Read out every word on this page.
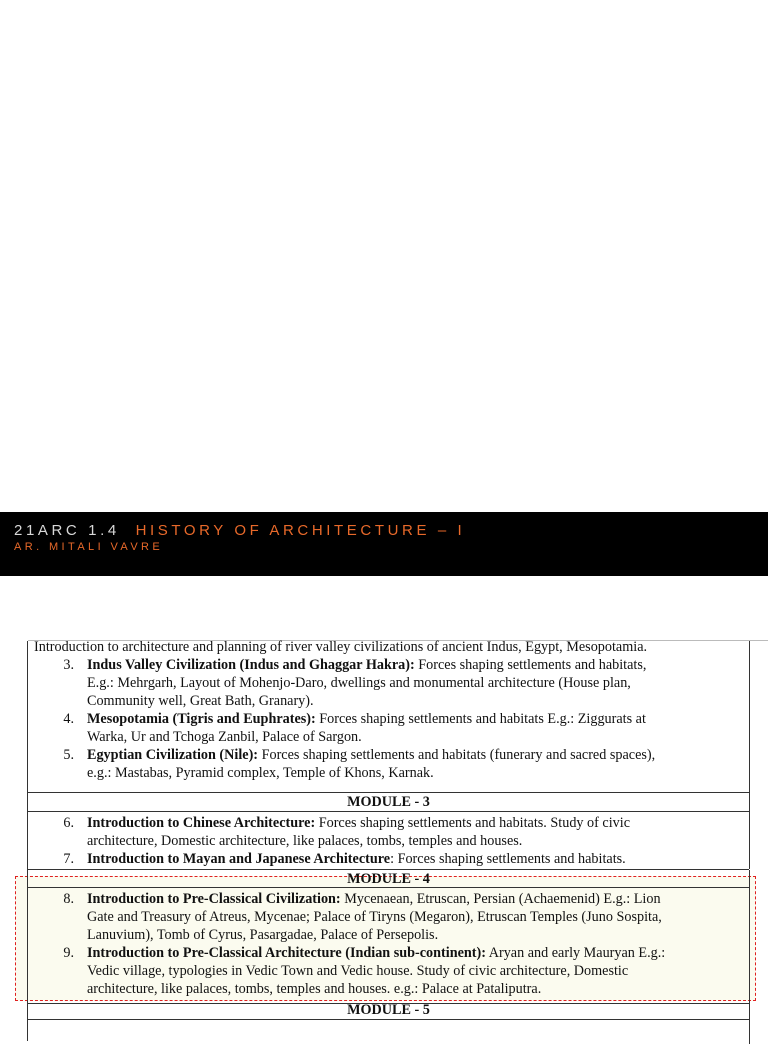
21ARC 1.4 HISTORY OF ARCHITECTURE – I
AR. MITALI VAVRE
Introduction to architecture and planning of river valley civilizations of ancient Indus, Egypt, Mesopotamia.
3. Indus Valley Civilization (Indus and Ghaggar Hakra): Forces shaping settlements and habitats,
E.g.: Mehrgarh, Layout of Mohenjo-Daro, dwellings and monumental architecture (House plan,
Community well, Great Bath, Granary).
4. Mesopotamia (Tigris and Euphrates): Forces shaping settlements and habitats E.g.: Ziggurats at
Warka, Ur and Tchoga Zanbil, Palace of Sargon.
5. Egyptian Civilization (Nile): Forces shaping settlements and habitats (funerary and sacred spaces),
e.g.: Mastabas, Pyramid complex, Temple of Khons, Karnak.
MODULE - 3
6. Introduction to Chinese Architecture: Forces shaping settlements and habitats. Study of civic
architecture, Domestic architecture, like palaces, tombs, temples and houses.
7. Introduction to Mayan and Japanese Architecture: Forces shaping settlements and habitats.
MODULE - 4
8. Introduction to Pre-Classical Civilization: Mycenaean, Etruscan, Persian (Achaemenid) E.g.: Lion
Gate and Treasury of Atreus, Mycenae; Palace of Tiryns (Megaron), Etruscan Temples (Juno Sospita,
Lanuvium), Tomb of Cyrus, Pasargadae, Palace of Persepolis.
9. Introduction to Pre-Classical Architecture (Indian sub-continent): Aryan and early Mauryan E.g.:
Vedic village, typologies in Vedic Town and Vedic house. Study of civic architecture, Domestic
architecture, like palaces, tombs, temples and houses. e.g.: Palace at Pataliputra.
MODULE - 5
